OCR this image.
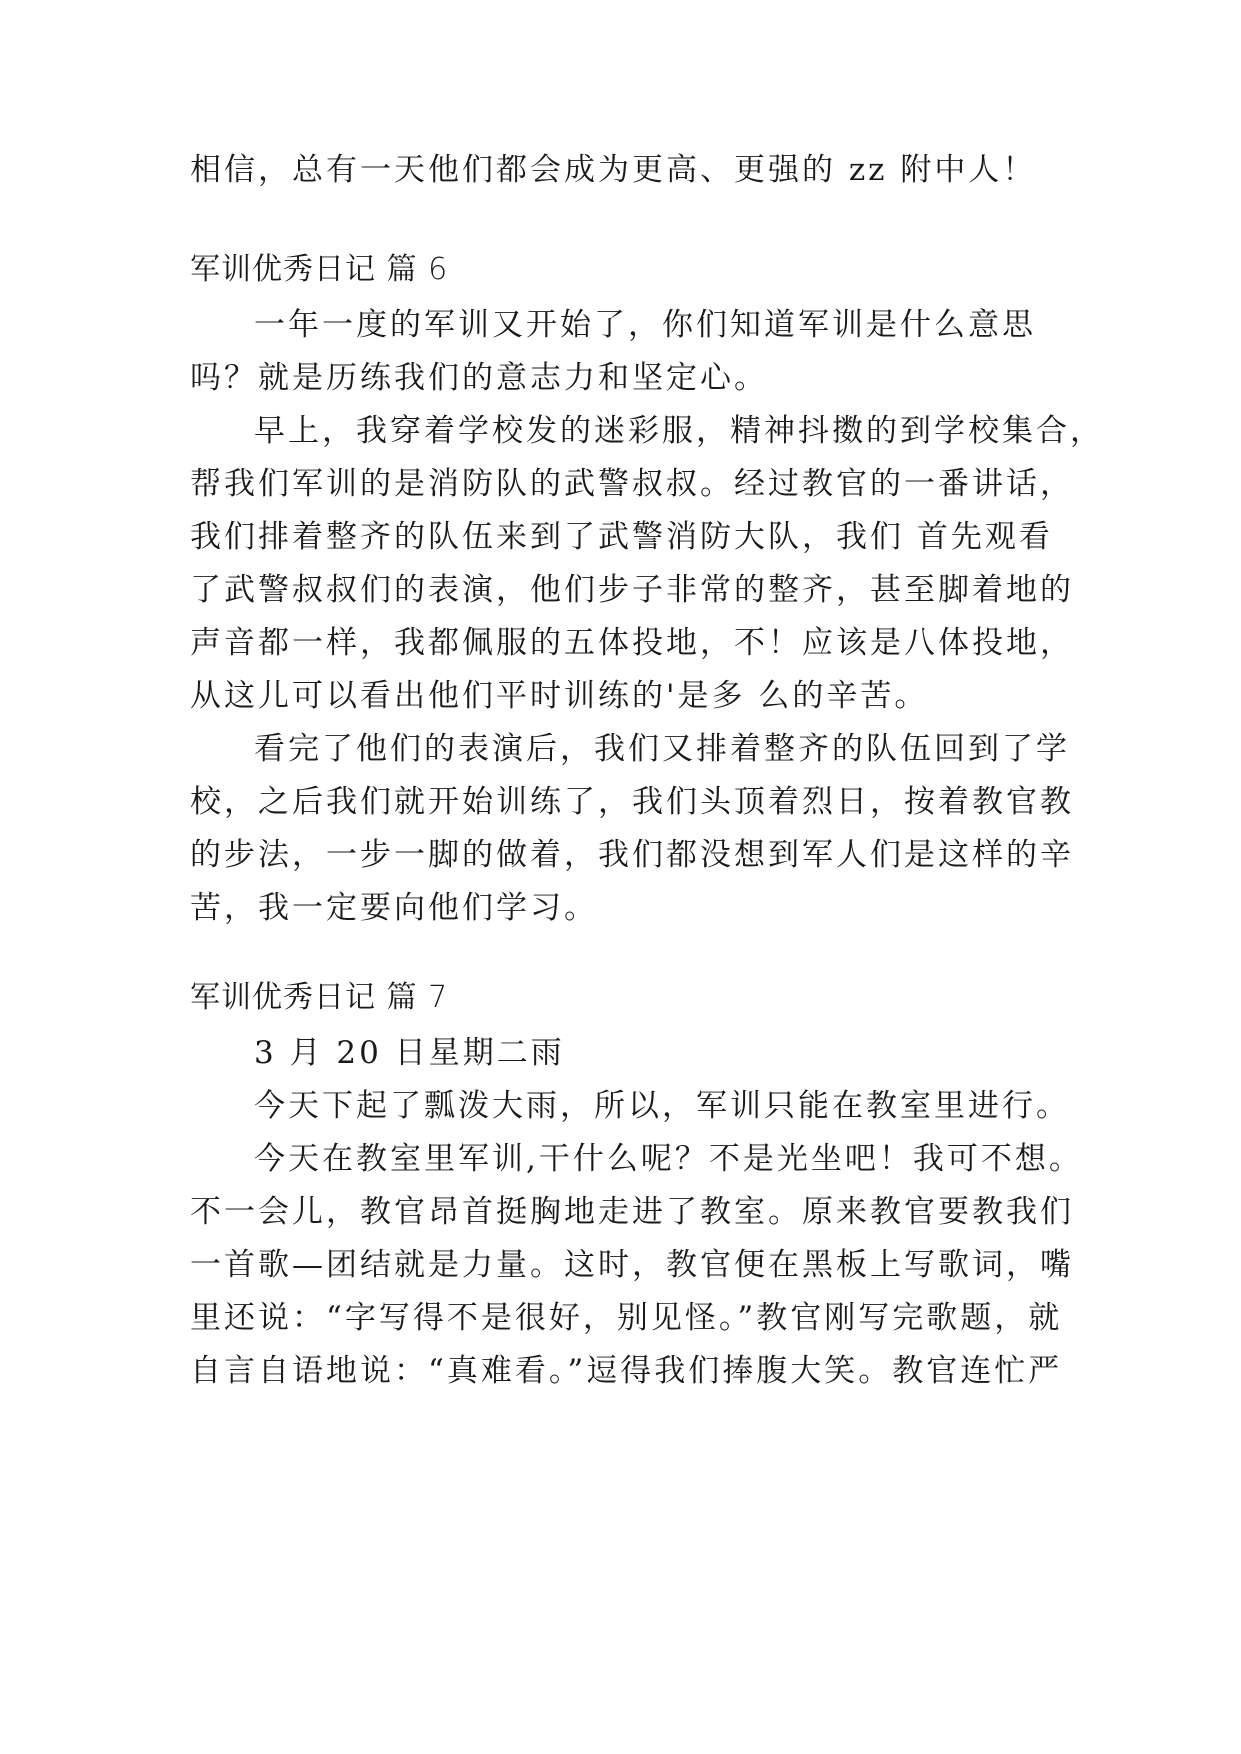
相信，总有一天他们都会成为更高、更强的 zz 附中人！
军训优秀日记 篇 6
一年一度的军训又开始了，你们知道军训是什么意思
吗？就是历练我们的意志力和坚定心。
早上，我穿着学校发的迷彩服，精神抖擞的到学校集合，
帮我们军训的是消防队的武警叔叔。经过教官的一番讲话，
我们排着整齐的队伍来到了武警消防大队，我们 首先观看
了武警叔叔们的表演，他们步子非常的整齐，甚至脚着地的
声音都一样，我都佩服的五体投地，不！应该是八体投地，
从这儿可以看出他们平时训练的'是多 么的辛苦。
看完了他们的表演后，我们又排着整齐的队伍回到了学
校，之后我们就开始训练了，我们头顶着烈日，按着教官教
的步法，一步一脚的做着，我们都没想到军人们是这样的辛
苦，我一定要向他们学习。
军训优秀日记 篇 7
3 月 20 日星期二雨
今天下起了瓢泼大雨，所以，军训只能在教室里进行。
今天在教室里军训,干什么呢？不是光坐吧！我可不想。
不一会儿，教官昂首挺胸地走进了教室。原来教官要教我们
一首歌—团结就是力量。这时，教官便在黑板上写歌词，嘴
里还说：“字写得不是很好，别见怪。”教官刚写完歌题，就
自言自语地说：“真难看。”逗得我们捧腹大笑。教官连忙严
